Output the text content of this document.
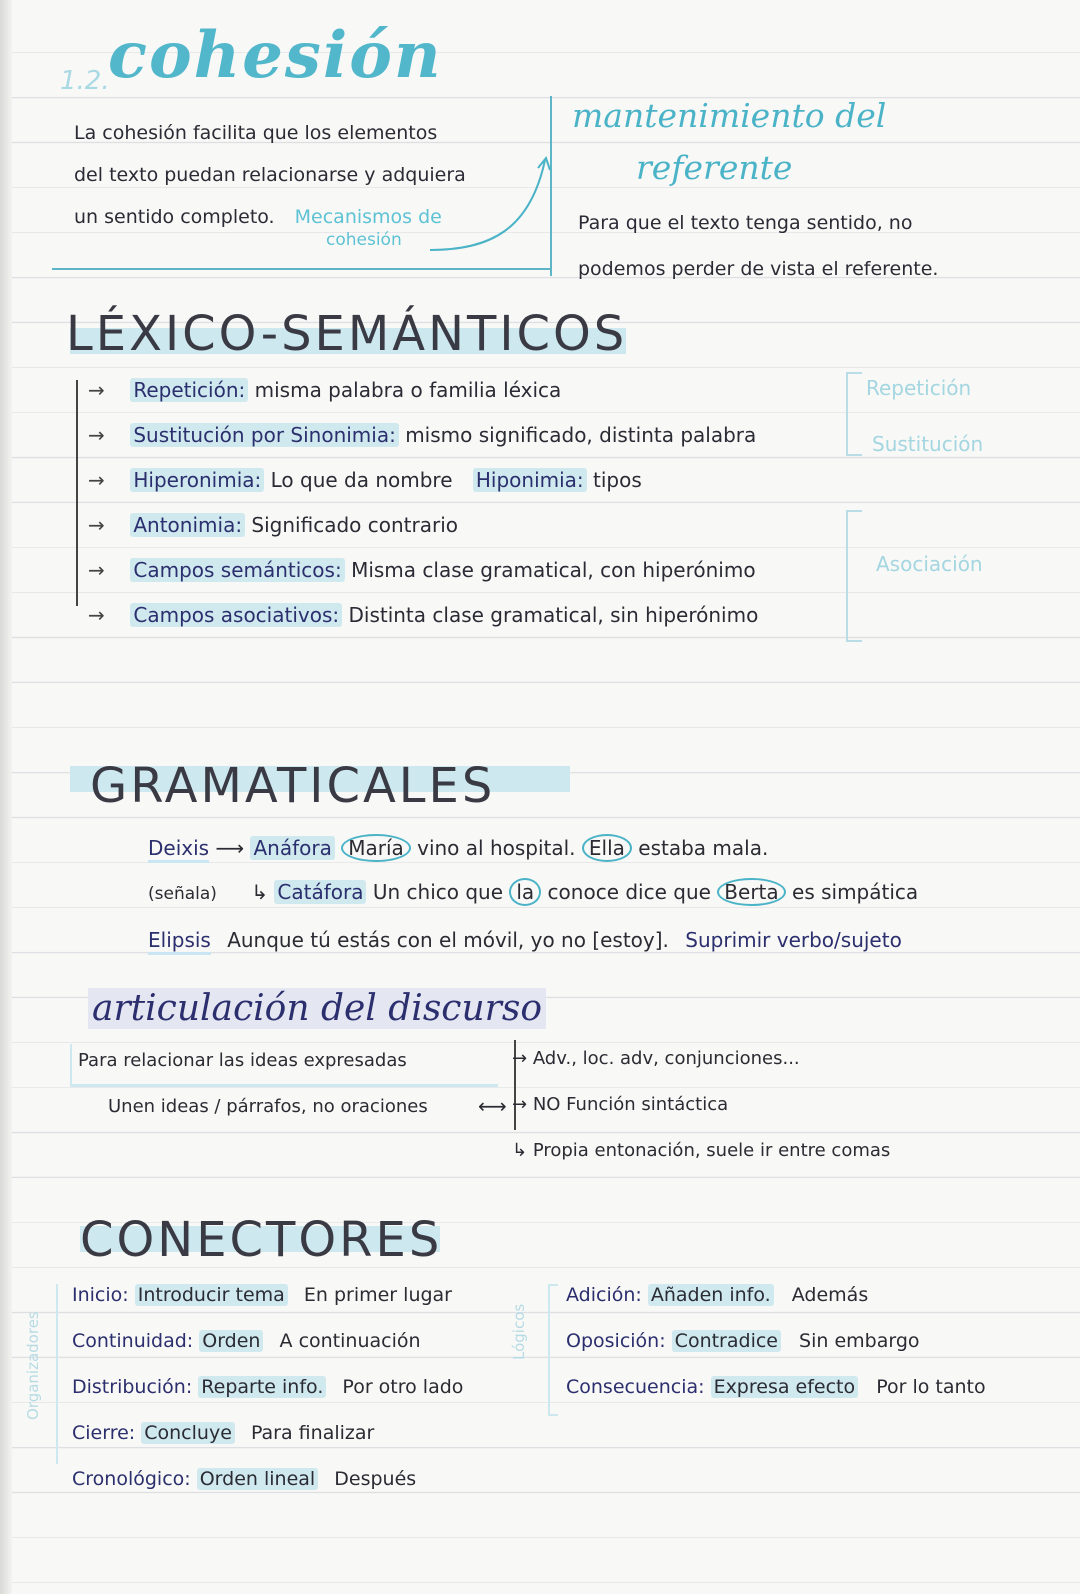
1.2.
cohesión
La cohesión facilita que los elementos
del texto puedan relacionarse y adquiera
un sentido completo. Mecanismos de
cohesión
mantenimiento del
referente
Para que el texto tenga sentido, no
podemos perder de vista el referente.
LÉXICO-SEMÁNTICOS
→ Repetición: misma palabra o familia léxica
→ Sustitución por Sinonimia: mismo significado, distinta palabra
→ Hiperonimia: Lo que da nombre Hiponimia: tipos
→ Antonimia: Significado contrario
→ Campos semánticos: Misma clase gramatical, con hiperónimo
→ Campos asociativos: Distinta clase gramatical, sin hiperónimo
Repetición
Sustitución
Asociación
GRAMATICALES
Deixis ⟶ Anáfora María vino al hospital. Ella estaba mala.
(señala) ↳ Catáfora Un chico que la conoce dice que Berta es simpática
Elipsis Aunque tú estás con el móvil, yo no [estoy]. Suprimir verbo/sujeto
articulación del discurso
Para relacionar las ideas expresadas
Unen ideas / párrafos, no oraciones	⟷
→ Adv., loc. adv, conjunciones...
→ NO Función sintáctica
↳ Propia entonación, suele ir entre comas
CONECTORES
Organizadores
Inicio: Introducir tema En primer lugar
Continuidad: Orden A continuación
Distribución: Reparte info. Por otro lado
Cierre: Concluye Para finalizar
Cronológico: Orden lineal Después
Lógicos
Adición: Añaden info. Además
Oposición: Contradice Sin embargo
Consecuencia: Expresa efecto Por lo tanto
